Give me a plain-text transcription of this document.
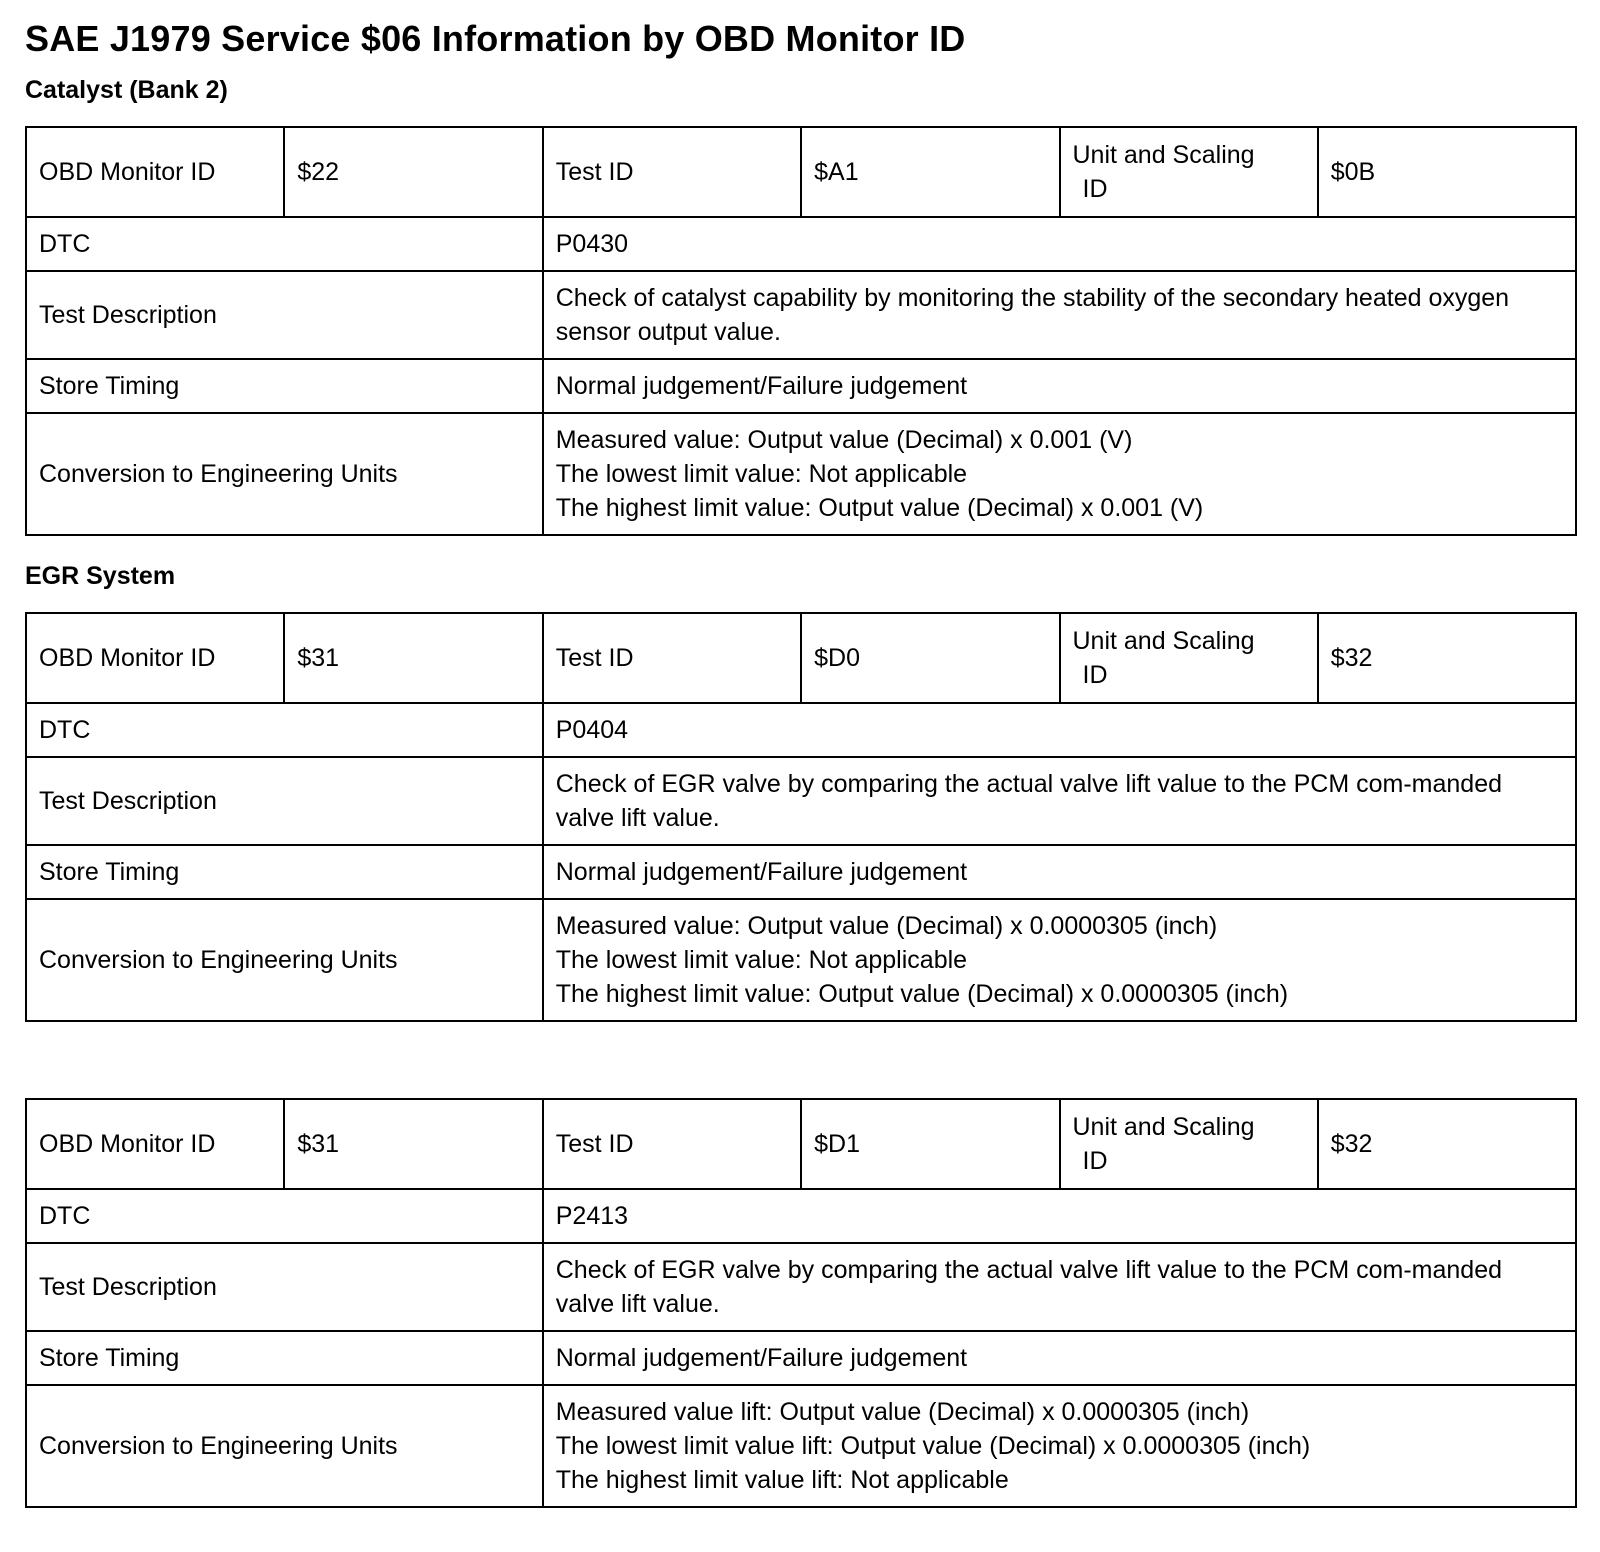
SAE J1979 Service $06 Information by OBD Monitor ID
Catalyst (Bank 2)
OBD Monitor ID	$22	Test ID	$A1	Unit and Scaling
ID	$0B
DTC		P0430			
Test Description		Check of catalyst capability by monitoring the stability of the secondary heated oxygen sensor output value.			

Store Timing		Normal judgement/Failure judgement			
Conversion to Engineering Units		Measured value: Output value (Decimal) x 0.001 (V)
The lowest limit value: Not applicable
The highest limit value: Output value (Decimal) x 0.001 (V)			
EGR System
OBD Monitor ID	$31	Test ID	$D0	Unit and Scaling
ID	$32
DTC		P0404			
Test Description		Check of EGR valve by comparing the actual valve lift value to the PCM com-manded valve lift value.			

Store Timing		Normal judgement/Failure judgement			
Conversion to Engineering Units		Measured value: Output value (Decimal) x 0.0000305 (inch)
The lowest limit value: Not applicable
The highest limit value: Output value (Decimal) x 0.0000305 (inch)			
OBD Monitor ID	$31	Test ID	$D1	Unit and Scaling
ID	$32
DTC		P2413			
Test Description		Check of EGR valve by comparing the actual valve lift value to the PCM com-manded valve lift value.			

Store Timing		Normal judgement/Failure judgement			
Conversion to Engineering Units		Measured value lift: Output value (Decimal) x 0.0000305 (inch)
The lowest limit value lift: Output value (Decimal) x 0.0000305 (inch)
The highest limit value lift: Not applicable			
